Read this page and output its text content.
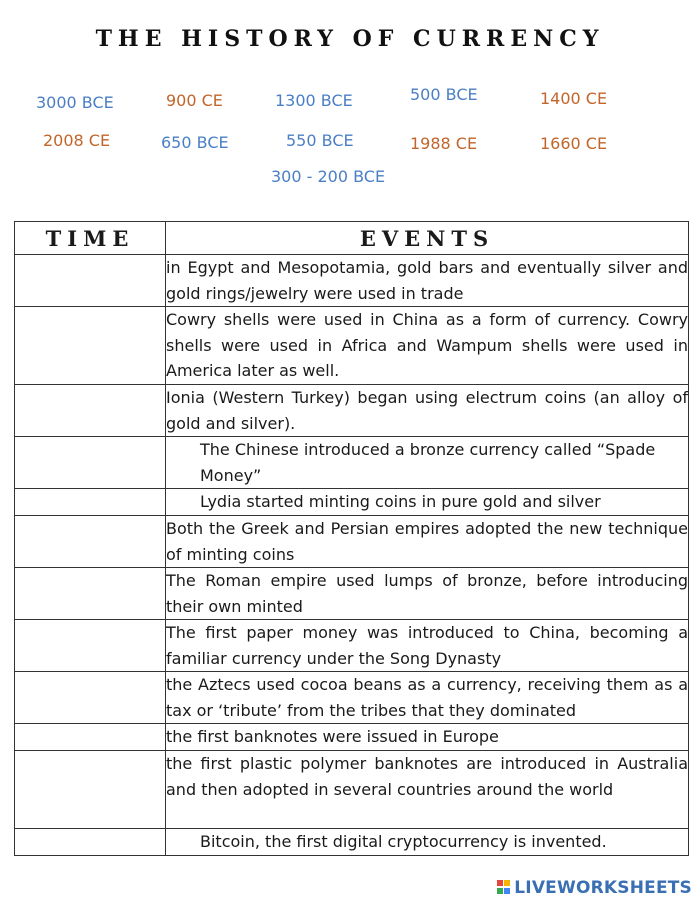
THE HISTORY OF CURRENCY
3000 BCE	900 CE	1300 BCE	500 BCE	1400 CE
2008 CE	650 BCE	550 BCE	1988 CE	1660 CE
300 - 200 BCE
TIME	EVENTS
	in Egypt and Mesopotamia, gold bars and eventually silver and gold rings/jewelry were used in trade
	Cowry shells were used in China as a form of currency. Cowry shells were used in Africa and Wampum shells were used in America later as well.
	Ionia (Western Turkey) began using electrum coins (an alloy of gold and silver).
	The Chinese introduced a bronze currency called “Spade Money”
	Lydia started minting coins in pure gold and silver
	Both the Greek and Persian empires adopted the new technique of minting coins
	The Roman empire used lumps of bronze, before introducing their own minted
	The first paper money was introduced to China, becoming a familiar currency under the Song Dynasty
	the Aztecs used cocoa beans as a currency, receiving them as a tax or ‘tribute’ from the tribes that they dominated
	the first banknotes were issued in Europe
	the first plastic polymer banknotes are introduced in Australia and then adopted in several countries around the world
	Bitcoin, the first digital cryptocurrency is invented.
LIVEWORKSHEETS
